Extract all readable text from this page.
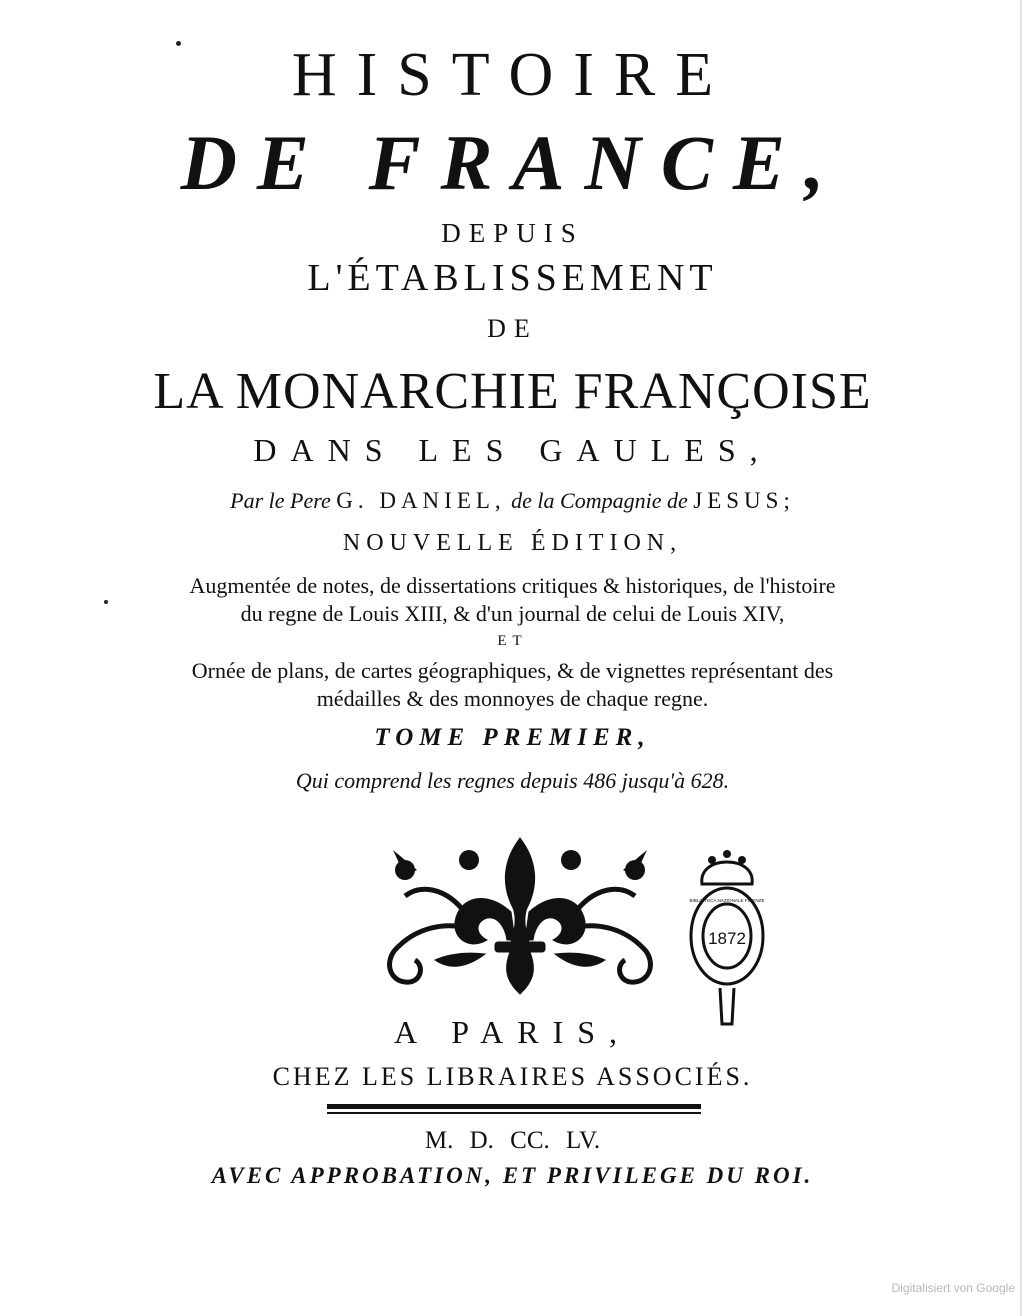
HISTOIRE
DE FRANCE,
DEPUIS
L'ÉTABLISSEMENT
DE
LA MONARCHIE FRANÇOISE
DANS LES GAULES,
Par le Pere G. DANIEL, de la Compagnie de JESUS;
NOUVELLE ÉDITION,
Augmentée de notes, de dissertations critiques & historiques, de l'histoire
du regne de Louis XIII, & d'un journal de celui de Louis XIV,
ET
Ornée de plans, de cartes géographiques, & de vignettes représentant des
médailles & des monnoyes de chaque regne.
TOME PREMIER,
Qui comprend les regnes depuis 486 jusqu'à 628.
1872
BIBLIOTECA NAZIONALE FIRENZE
A PARIS,
CHEZ LES LIBRAIRES ASSOCIÉS.
M. D. CC. LV.
AVEC APPROBATION, ET PRIVILEGE DU ROI.
Digitalisiert von Google
